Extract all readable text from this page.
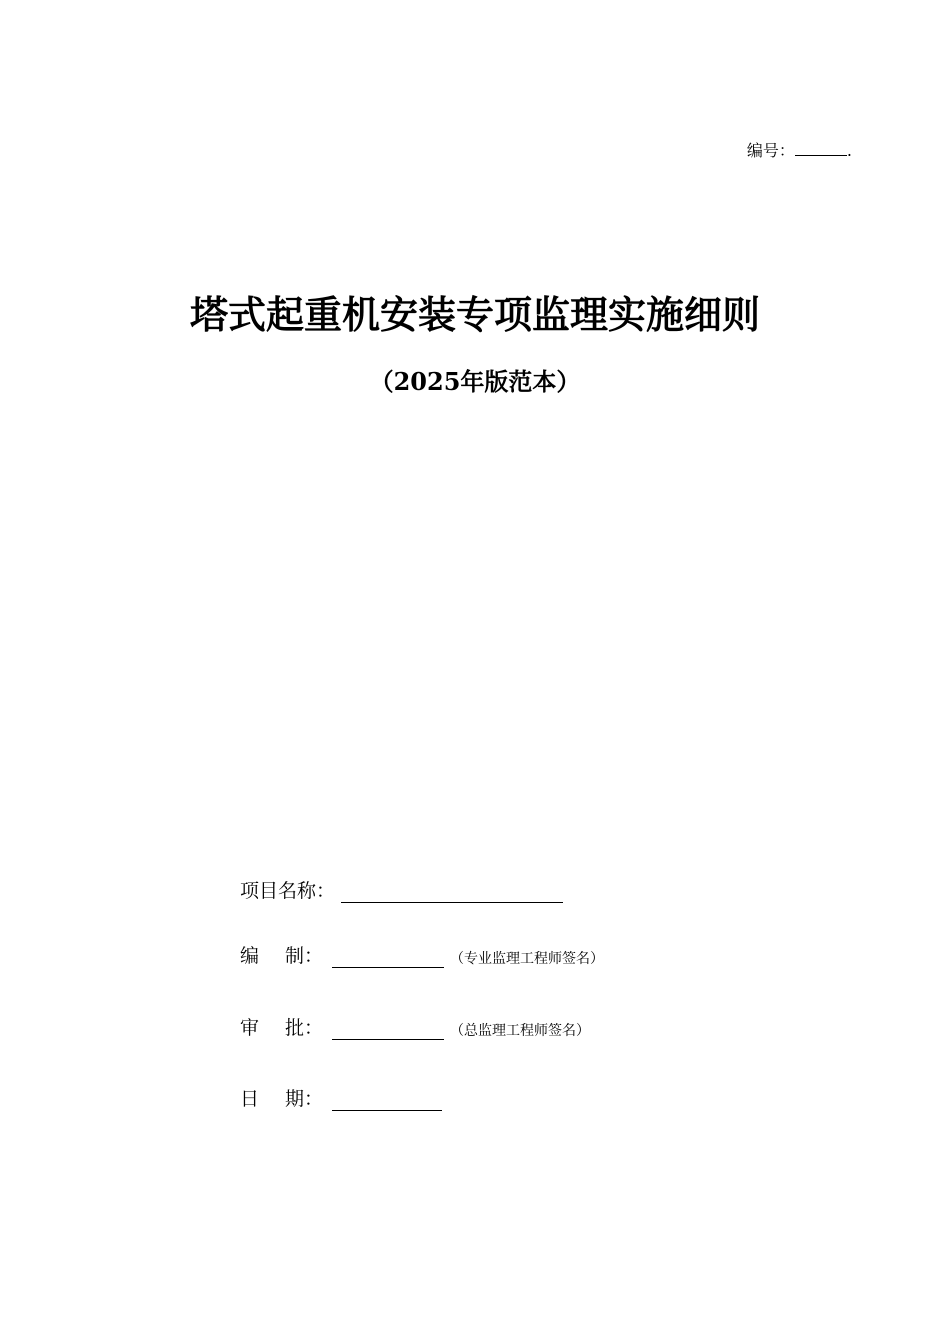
编号：	.
塔式起重机安装专项监理实施细则
（2025年版范本）
项目名称：
编 制：	（专业监理工程师签名）
审 批：	（总监理工程师签名）
日 期：
